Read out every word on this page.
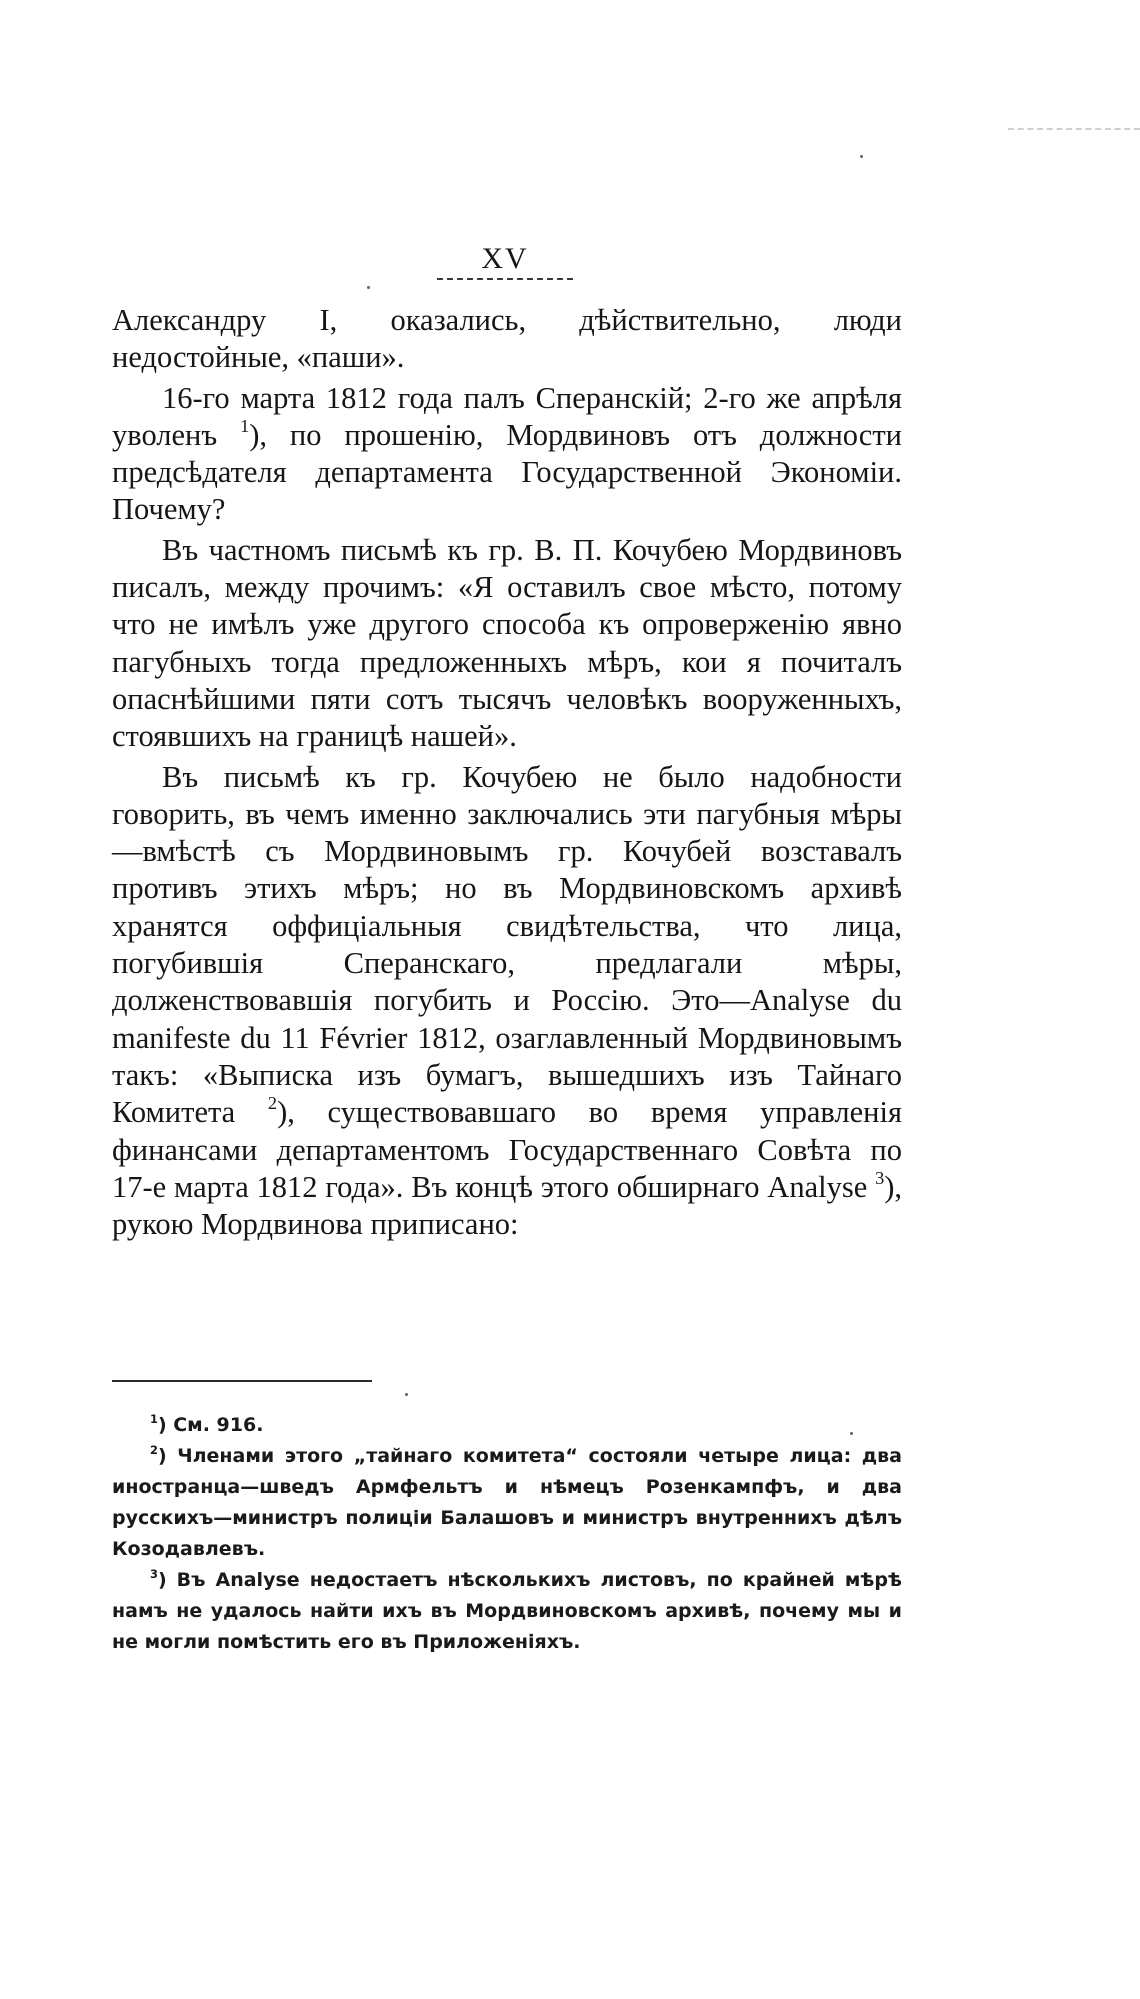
XV

Александру I, оказались, дѣйствительно, люди недостойные, «паши».

16-го марта 1812 года палъ Сперанскій; 2-го же апрѣля уволенъ $^1$), по прошенію, Мордвиновъ отъ должности предсѣдателя департамента Государственной Экономіи. Почему?

Въ частномъ письмѣ къ гр. В. П. Кочубею Мордвиновъ писалъ, между прочимъ: «Я оставилъ свое мѣсто, потому что не имѣлъ уже другого способа къ опроверженію явно пагубныхъ тогда предложенныхъ мѣръ, кои я почиталъ опаснѣйшими пяти сотъ тысячъ человѣкъ вооруженныхъ, стоявшихъ на границѣ нашей».

Въ письмѣ къ гр. Кочубею не было надобности говорить, въ чемъ именно заключались эти пагубныя мѣры—вмѣстѣ съ Мордвиновымъ гр. Кочубей возставалъ противъ этихъ мѣръ; но въ Мордвиновскомъ архивѣ хранятся оффиціальныя свидѣтельства, что лица, погубившія Сперанскаго, предлагали мѣры, долженствовавшія погубить и Россію. Это—Analyse du manifeste du 11 Février 1812, озаглавленный Мордвиновымъ такъ: «Выписка изъ бумагъ, вышедшихъ изъ Тайнаго Комитета $^2$), существовавшаго во время управленія финансами департаментомъ Государственнаго Совѣта по 17-е марта 1812 года». Въ концѣ этого обширнаго Analyse $^3$), рукою Мордвинова приписано:

$^1$) См. 916.

$^2$) Членами этого „тайнаго комитета“ состояли четыре лица: два иностранца—шведъ Армфельтъ и нѣмецъ Розенкампфъ, и два русскихъ—министръ полиціи Балашовъ и министръ внутреннихъ дѣлъ Козодавлевъ.

$^3$) Въ Analyse недостаетъ нѣсколькихъ листовъ, по крайней мѣрѣ намъ не удалось найти ихъ въ Мордвиновскомъ архивѣ, почему мы и не могли помѣстить его въ Приложеніяхъ.
